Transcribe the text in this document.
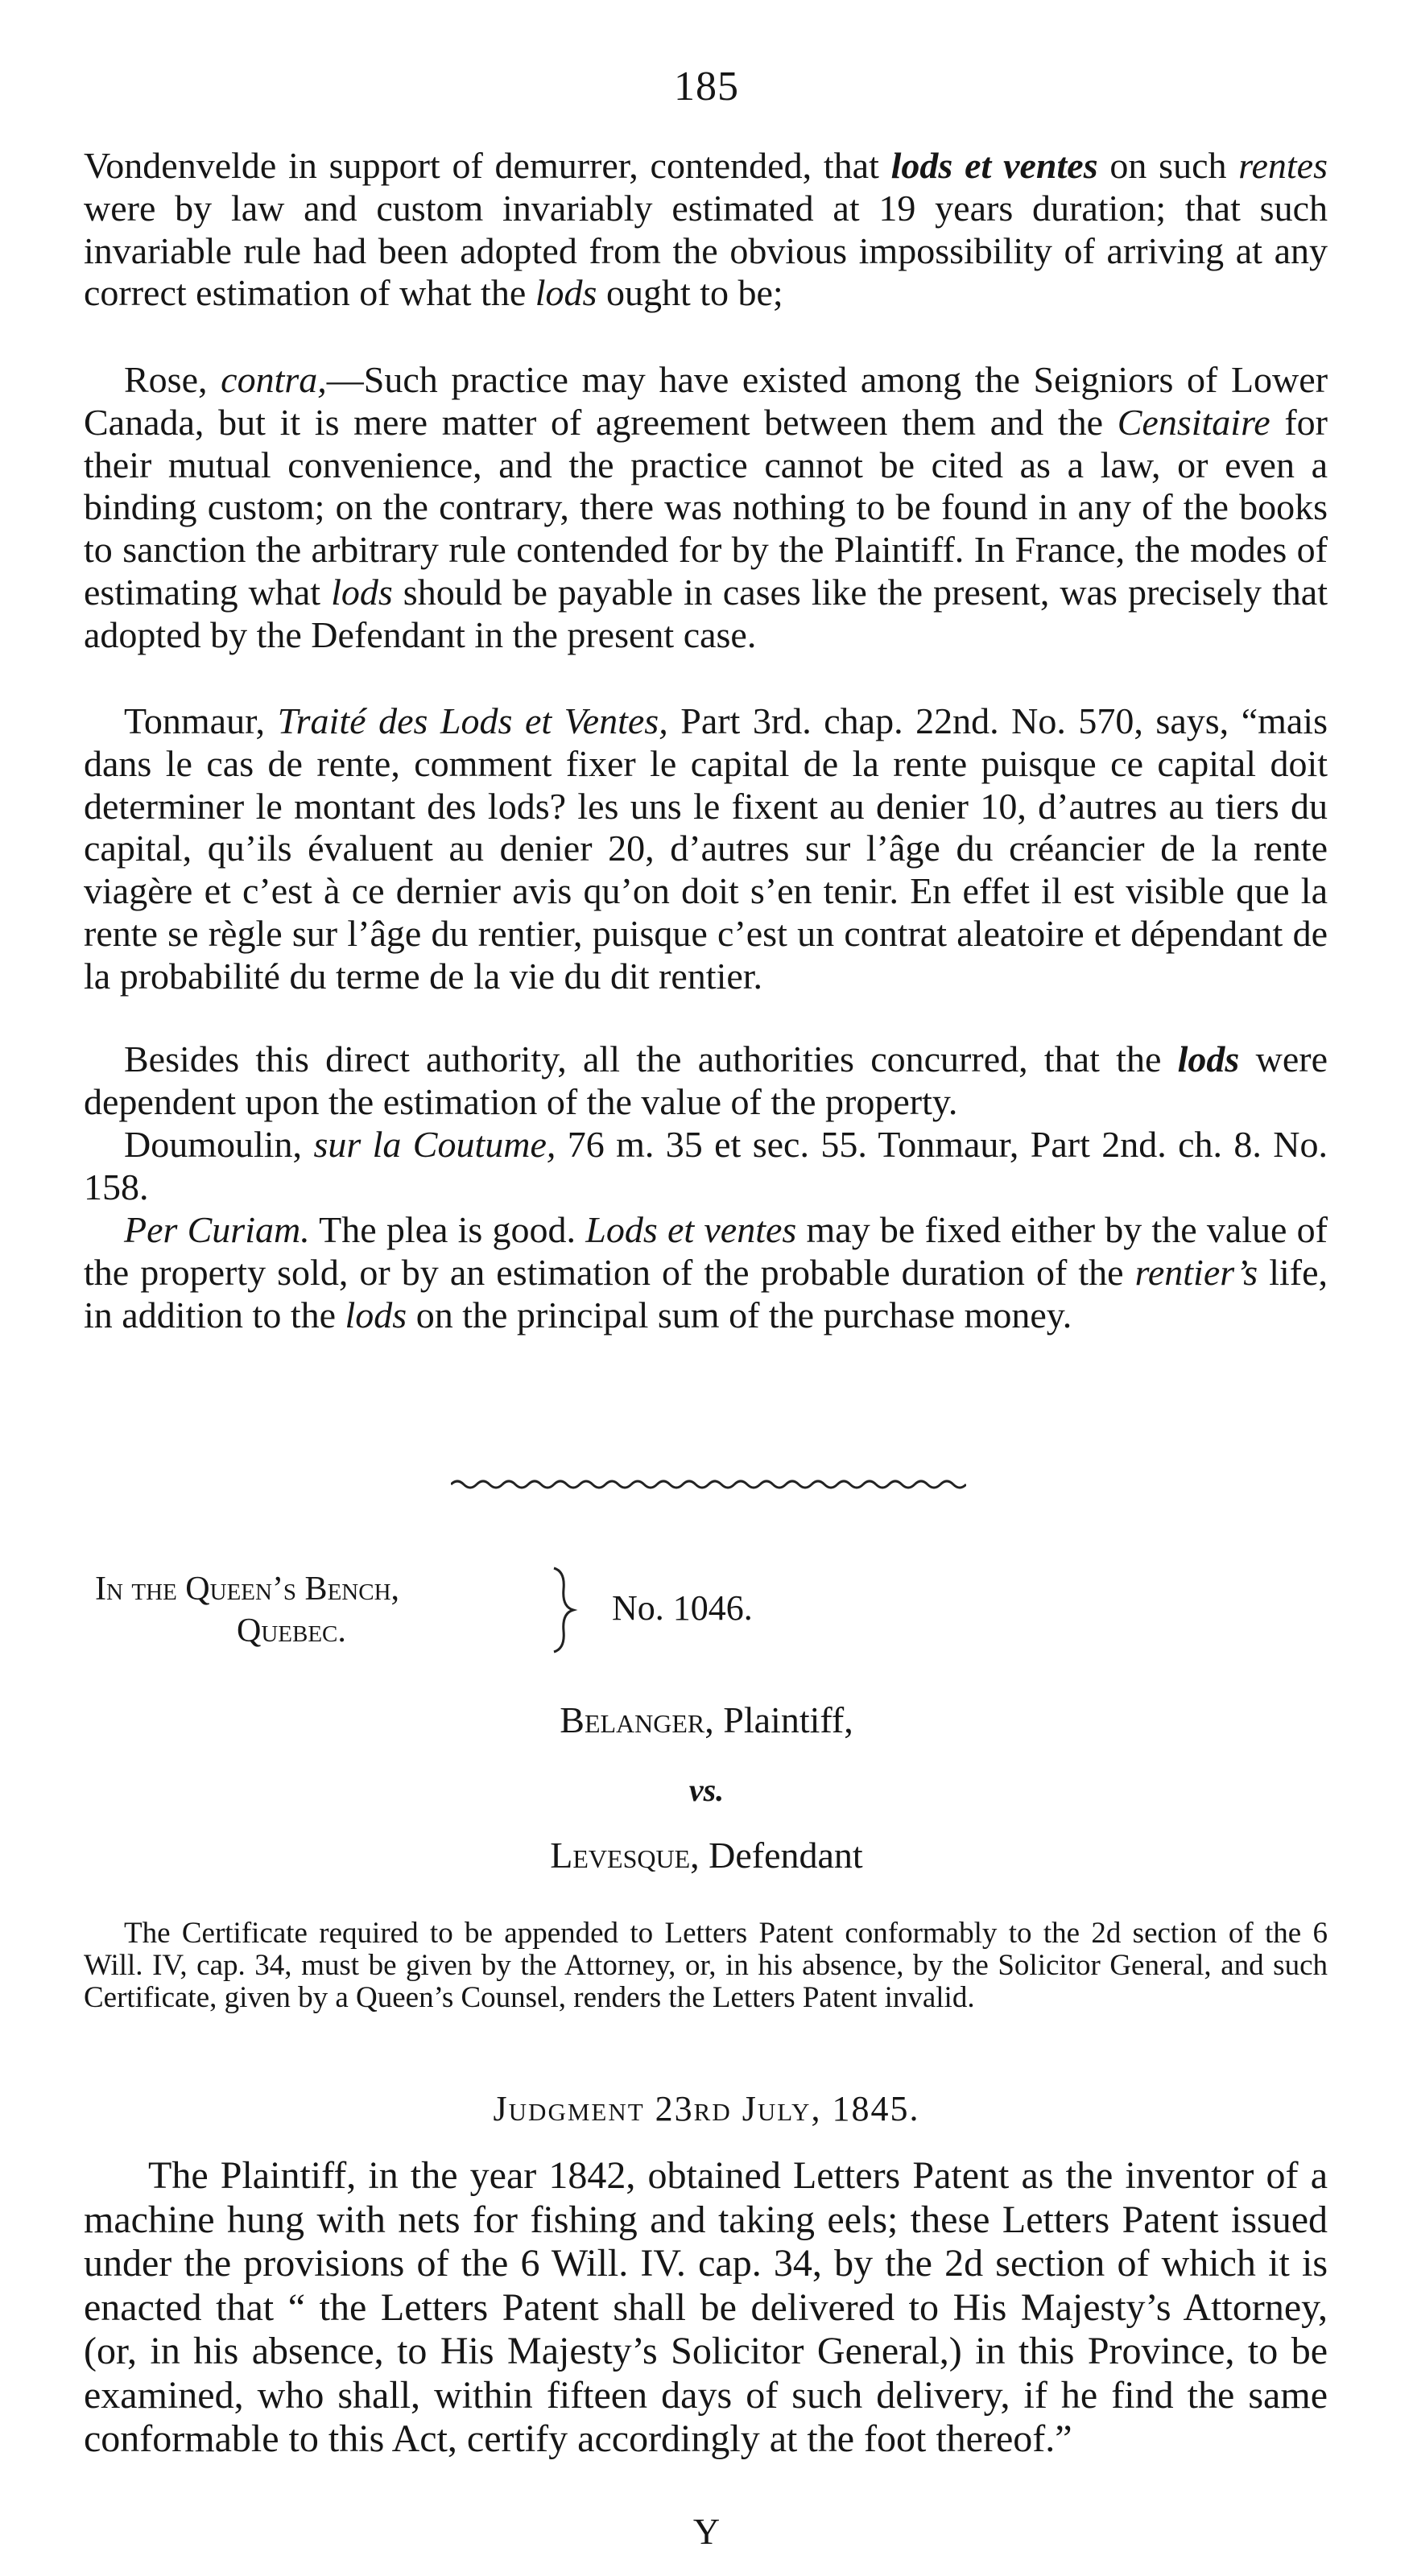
185

Vondenvelde in support of demurrer, contended, that lods et ventes on such rentes were by law and custom invariably estimated at 19 years duration; that such invariable rule had been adopted from the obvious impossibility of arriving at any correct estimation of what the lods ought to be;

Rose, contra,—Such practice may have existed among the Seigniors of Lower Canada, but it is mere matter of agreement between them and the Censitaire for their mutual convenience, and the practice cannot be cited as a law, or even a binding custom; on the contrary, there was nothing to be found in any of the books to sanction the arbitrary rule contended for by the Plaintiff. In France, the modes of estimating what lods should be payable in cases like the present, was precisely that adopted by the Defendant in the present case.

Tonmaur, Traité des Lods et Ventes, Part 3rd. chap. 22nd. No. 570, says, “mais dans le cas de rente, comment fixer le capital de la rente puisque ce capital doit determiner le montant des lods? les uns le fixent au denier 10, d’autres au tiers du capital, qu’ils évaluent au denier 20, d’autres sur l’âge du créancier de la rente viagère et c’est à ce dernier avis qu’on doit s’en tenir. En effet il est visible que la rente se règle sur l’âge du rentier, puisque c’est un contrat aleatoire et dépendant de la probabilité du terme de la vie du dit rentier.

Besides this direct authority, all the authorities concurred, that the lods were dependent upon the estimation of the value of the property.

Doumoulin, sur la Coutume, 76 m. 35 et sec. 55. Tonmaur, Part 2nd. ch. 8. No. 158.

Per Curiam. The plea is good. Lods et ventes may be fixed either by the value of the property sold, or by an estimation of the probable duration of the rentier’s life, in addition to the lods on the principal sum of the purchase money.

In the Queen’s Bench,
Quebec.
No. 1046.
Belanger, Plaintiff,
vs.
Levesque, Defendant

The Certificate required to be appended to Letters Patent conformably to the 2d section of the 6 Will. IV, cap. 34, must be given by the Attorney, or, in his absence, by the Solicitor General, and such Certificate, given by a Queen’s Counsel, renders the Letters Patent invalid.

Judgment 23rd July, 1845.

The Plaintiff, in the year 1842, obtained Letters Patent as the inventor of a machine hung with nets for fishing and taking eels; these Letters Patent issued under the provisions of the 6 Will. IV. cap. 34, by the 2d section of which it is enacted that “ the Letters Patent shall be delivered to His Majesty’s Attorney, (or, in his absence, to His Majesty’s Solicitor General,) in this Province, to be examined, who shall, within fifteen days of such delivery, if he find the same conformable to this Act, certify accordingly at the foot thereof.”

Y
